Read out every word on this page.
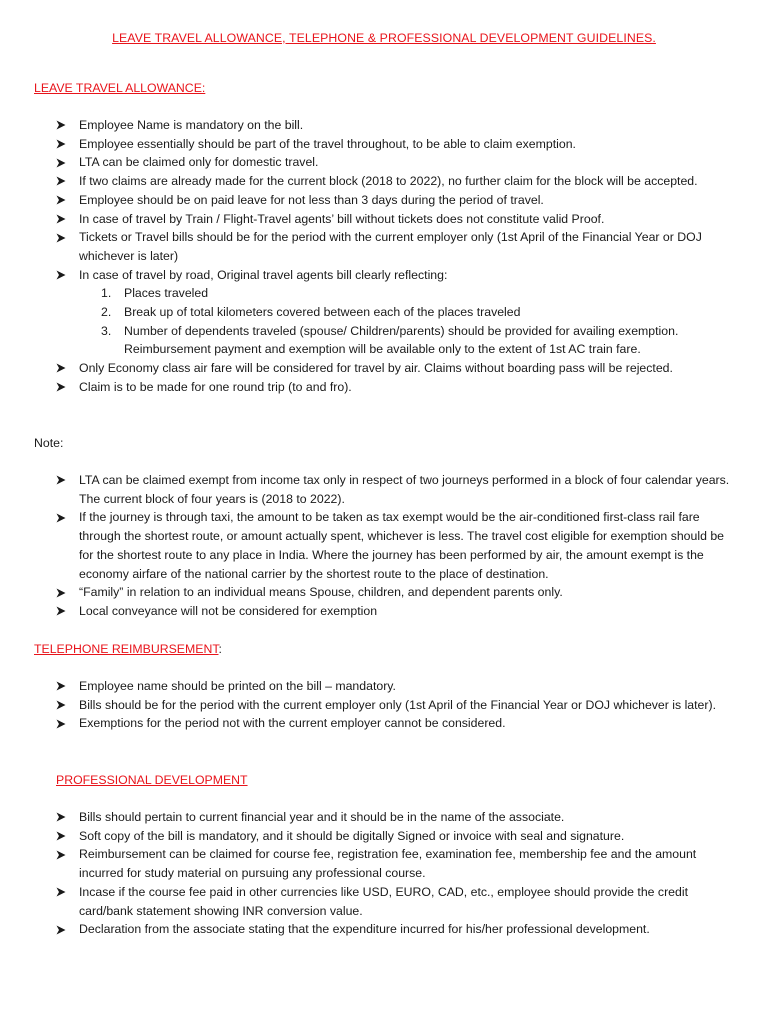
LEAVE TRAVEL ALLOWANCE, TELEPHONE & PROFESSIONAL DEVELOPMENT GUIDELINES.
LEAVE TRAVEL ALLOWANCE:
Employee Name is mandatory on the bill.
Employee essentially should be part of the travel throughout, to be able to claim exemption.
LTA can be claimed only for domestic travel.
If two claims are already made for the current block (2018 to 2022), no further claim for the block will be accepted.
Employee should be on paid leave for not less than 3 days during the period of travel.
In case of travel by Train / Flight-Travel agents’ bill without tickets does not constitute valid Proof.
Tickets or Travel bills should be for the period with the current employer only (1st April of the Financial Year or DOJ whichever is later)
In case of travel by road, Original travel agents bill clearly reflecting:
1. Places traveled
2. Break up of total kilometers covered between each of the places traveled
3. Number of dependents traveled (spouse/ Children/parents) should be provided for availing exemption. Reimbursement payment and exemption will be available only to the extent of 1st AC train fare.
Only Economy class air fare will be considered for travel by air. Claims without boarding pass will be rejected.
Claim is to be made for one round trip (to and fro).
Note:
LTA can be claimed exempt from income tax only in respect of two journeys performed in a block of four calendar years. The current block of four years is (2018 to 2022).
If the journey is through taxi, the amount to be taken as tax exempt would be the air-conditioned first-class rail fare through the shortest route, or amount actually spent, whichever is less. The travel cost eligible for exemption should be for the shortest route to any place in India. Where the journey has been performed by air, the amount exempt is the economy airfare of the national carrier by the shortest route to the place of destination.
“Family” in relation to an individual means Spouse, children, and dependent parents only.
Local conveyance will not be considered for exemption
TELEPHONE REIMBURSEMENT:
Employee name should be printed on the bill – mandatory.
Bills should be for the period with the current employer only (1st April of the Financial Year or DOJ whichever is later).
Exemptions for the period not with the current employer cannot be considered.
PROFESSIONAL DEVELOPMENT
Bills should pertain to current financial year and it should be in the name of the associate.
Soft copy of the bill is mandatory, and it should be digitally Signed or invoice with seal and signature.
Reimbursement can be claimed for course fee, registration fee, examination fee, membership fee and the amount incurred for study material on pursuing any professional course.
Incase if the course fee paid in other currencies like USD, EURO, CAD, etc., employee should provide the credit card/bank statement showing INR conversion value.
Declaration from the associate stating that the expenditure incurred for his/her professional development.
